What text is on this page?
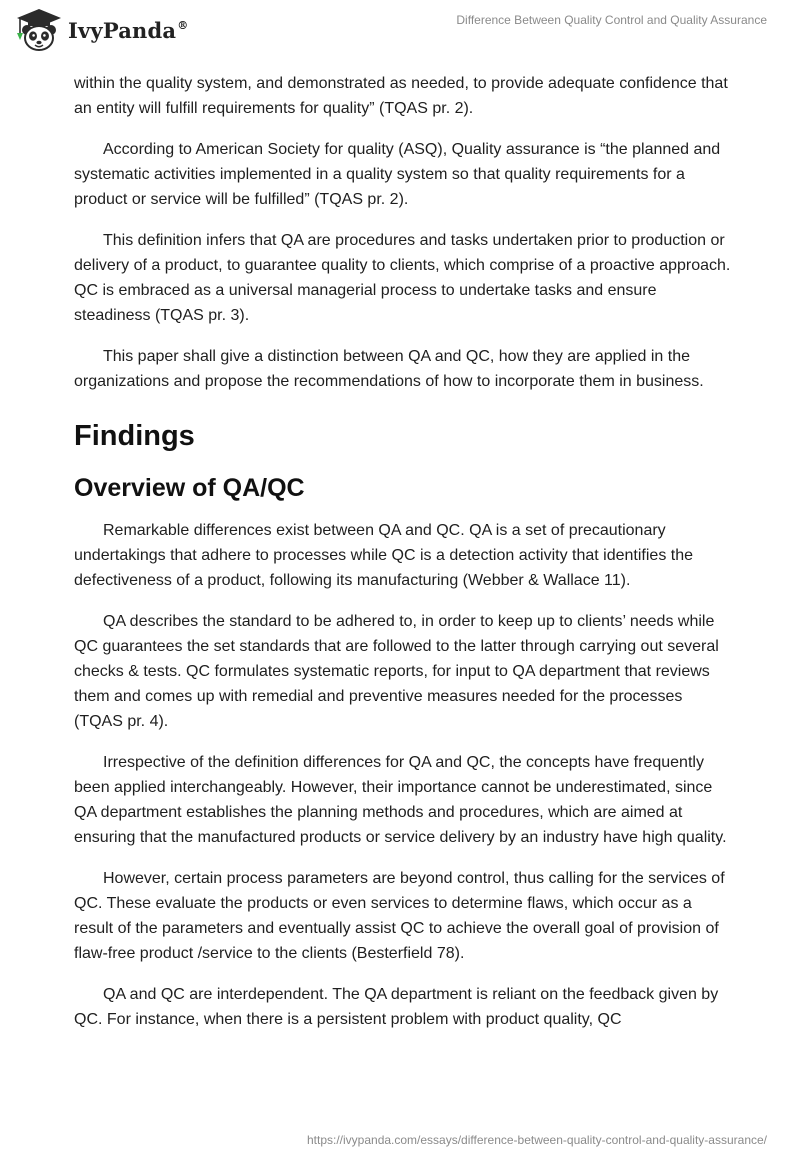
IvyPanda®	Difference Between Quality Control and Quality Assurance

within the quality system, and demonstrated as needed, to provide adequate confidence that an entity will fulfill requirements for quality” (TQAS pr. 2).

According to American Society for quality (ASQ), Quality assurance is “the planned and systematic activities implemented in a quality system so that quality requirements for a product or service will be fulfilled” (TQAS pr. 2).

This definition infers that QA are procedures and tasks undertaken prior to production or delivery of a product, to guarantee quality to clients, which comprise of a proactive approach. QC is embraced as a universal managerial process to undertake tasks and ensure steadiness (TQAS pr. 3).

This paper shall give a distinction between QA and QC, how they are applied in the organizations and propose the recommendations of how to incorporate them in business.

Findings
Overview of QA/QC

Remarkable differences exist between QA and QC. QA is a set of precautionary undertakings that adhere to processes while QC is a detection activity that identifies the defectiveness of a product, following its manufacturing (Webber & Wallace 11).

QA describes the standard to be adhered to, in order to keep up to clients’ needs while QC guarantees the set standards that are followed to the latter through carrying out several checks & tests. QC formulates systematic reports, for input to QA department that reviews them and comes up with remedial and preventive measures needed for the processes (TQAS pr. 4).

Irrespective of the definition differences for QA and QC, the concepts have frequently been applied interchangeably. However, their importance cannot be underestimated, since QA department establishes the planning methods and procedures, which are aimed at ensuring that the manufactured products or service delivery by an industry have high quality.

However, certain process parameters are beyond control, thus calling for the services of QC. These evaluate the products or even services to determine flaws, which occur as a result of the parameters and eventually assist QC to achieve the overall goal of provision of flaw-free product /service to the clients (Besterfield 78).

QA and QC are interdependent. The QA department is reliant on the feedback given by QC. For instance, when there is a persistent problem with product quality, QC

https://ivypanda.com/essays/difference-between-quality-control-and-quality-assurance/
